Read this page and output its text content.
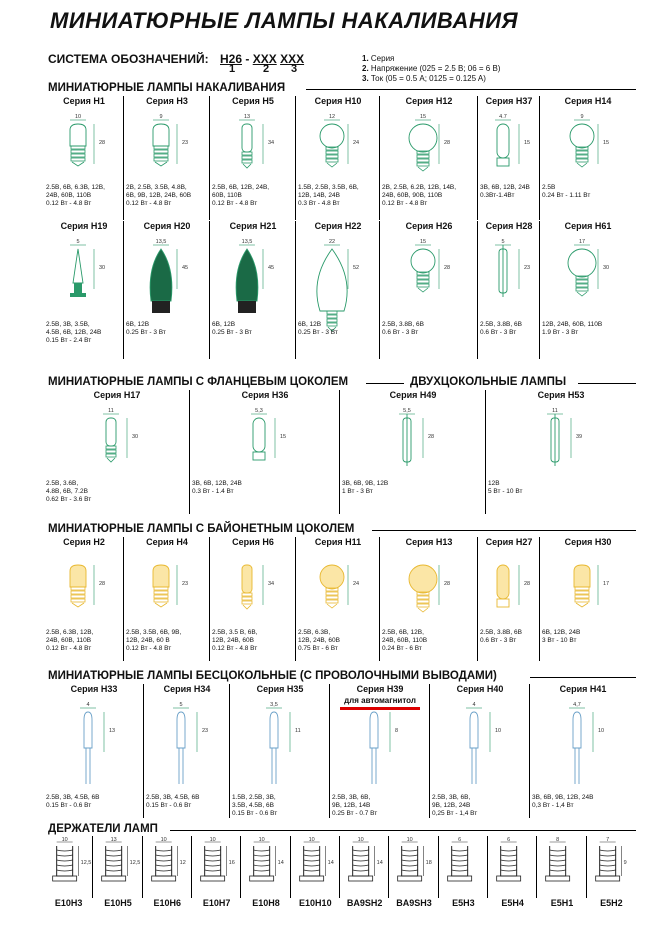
МИНИАТЮРНЫЕ ЛАМПЫ НАКАЛИВАНИЯ
СИСТЕМА ОБОЗНАЧЕНИЙ: H26 - XXX XXX
1	2 3
1. Серия
2. Напряжение (025 = 2.5 В; 06 = 6 В)
3. Ток (05 = 0.5 A; 0125 = 0.125 A)
МИНИАТЮРНЫЕ ЛАМПЫ НАКАЛИВАНИЯ
Серия H1
10
28
2.5В, 6В, 6.3В, 12В,
24В, 60В, 110В
0.12 Вт - 4.8 Вт
Серия H3
9
23
2В, 2.5В, 3.5В, 4.8В,
6В, 9В, 12В, 24В, 60В
0.12 Вт - 4.8 Вт
Серия H5
13
34
2.5В, 6В, 12В, 24В,
60В, 110В
0.12 Вт - 4.8 Вт
Серия H10
12
24
1.5В, 2.5В, 3.5В, 6В,
12В, 14В, 24В
0.3 Вт - 4.8 Вт
Серия H12
15
28
2В, 2.5В, 6.2В, 12В, 14В,
24В, 60В, 90В, 110В
0.12 Вт - 4.8 Вт
Серия H37
4.7
15
3В, 6В, 12В, 24В
0.3Вт-1.4Вт
Серия H14
9
15
2.5В
0.24 Вт - 1.11 Вт
Серия H19
5
30
2.5В, 3В, 3.5В,
4.5В, 6В, 12В, 24В
0.15 Вт - 2.4 Вт
Серия H20
13,5
45
6В, 12В
0.25 Вт - 3 Вт
Серия H21
13,5
45
6В, 12В
0.25 Вт - 3 Вт
Серия H22
22
52
6В, 12В
0.25 Вт - 3 Вт
Серия H26
15
28
2.5В, 3.8В, 6В
0.6 Вт - 3 Вт
Серия H28
5
23
2.5В, 3.8В, 6В
0.6 Вт - 3 Вт
Серия H61
17
30
12В, 24В, 60В, 110В
1.9 Вт - 3 Вт
МИНИАТЮРНЫЕ ЛАМПЫ С ФЛАНЦЕВЫМ ЦОКОЛЕМ	ДВУХЦОКОЛЬНЫЕ ЛАМПЫ
Серия H17
11
30
2.5В, 3.6В,
4.8В, 6В, 7.2В
0.62 Вт - 3.6 Вт
Серия H36
5,3
15
3В, 6В, 12В, 24В
0.3 Вт - 1.4 Вт
Серия H49
5,5
28
3В, 6В, 9В, 12В
1 Вт - 3 Вт
Серия H53
11
39
12В
5 Вт - 10 Вт
МИНИАТЮРНЫЕ ЛАМПЫ С БАЙОНЕТНЫМ ЦОКОЛЕМ
Серия H2
28
2.5В, 6.3В, 12В,
24В, 60В, 110В
0.12 Вт - 4.8 Вт
Серия H4
23
2.5В, 3.5В, 6В, 9В,
12В, 24В, 60 В
0.12 Вт - 4.8 Вт
Серия H6
34
2.5В, 3.5 В, 6В,
12В, 24В, 60В
0.12 Вт - 4.8 Вт
Серия H11
24
2.5В, 6.3В,
12В, 24В, 60В
0.75 Вт - 6 Вт
Серия H13
28
2.5В, 6В, 12В,
24В, 60В, 110В
0.24 Вт - 6 Вт
Серия H27
28
2.5В, 3.8В, 6В
0.6 Вт - 3 Вт
Серия H30
17
6В, 12В, 24В
3 Вт - 10 Вт
МИНИАТЮРНЫЕ ЛАМПЫ БЕСЦОКОЛЬНЫЕ (С ПРОВОЛОЧНЫМИ ВЫВОДАМИ)
Серия H33
4
13
2.5В, 3В, 4.5В, 6В
0.15 Вт - 0.6 Вт
Серия H34
5
23
2.5В, 3В, 4.5В, 6В
0.15 Вт - 0.6 Вт
Серия H35
3,5
11
1.5В, 2.5В, 3В,
3.5В, 4.5В, 6В
0.15 Вт - 0.6 Вт
Серия H39
8
2.5В, 3В, 6В,
9В, 12В, 14В
0.25 Вт - 0.7 Вт
для автомагнитол
Серия H40
4
10
2.5В, 3В, 6В,
9В, 12В, 24В
0,25 Вт - 1,4 Вт
Серия H41
4,7
10
3В, 6В, 9В, 12В, 24В
0,3 Вт - 1,4 Вт
ДЕРЖАТЕЛИ ЛАМП
10
12,5
E10H3
13
12,5
E10H5
10
12
E10H6
10
16
E10H7
10
14
E10H8
10
14
E10H10
10
14
BA9SH2
10
18
BA9SH3
6
E5H3
6
E5H4
8
E5H1
7
9
E5H2
